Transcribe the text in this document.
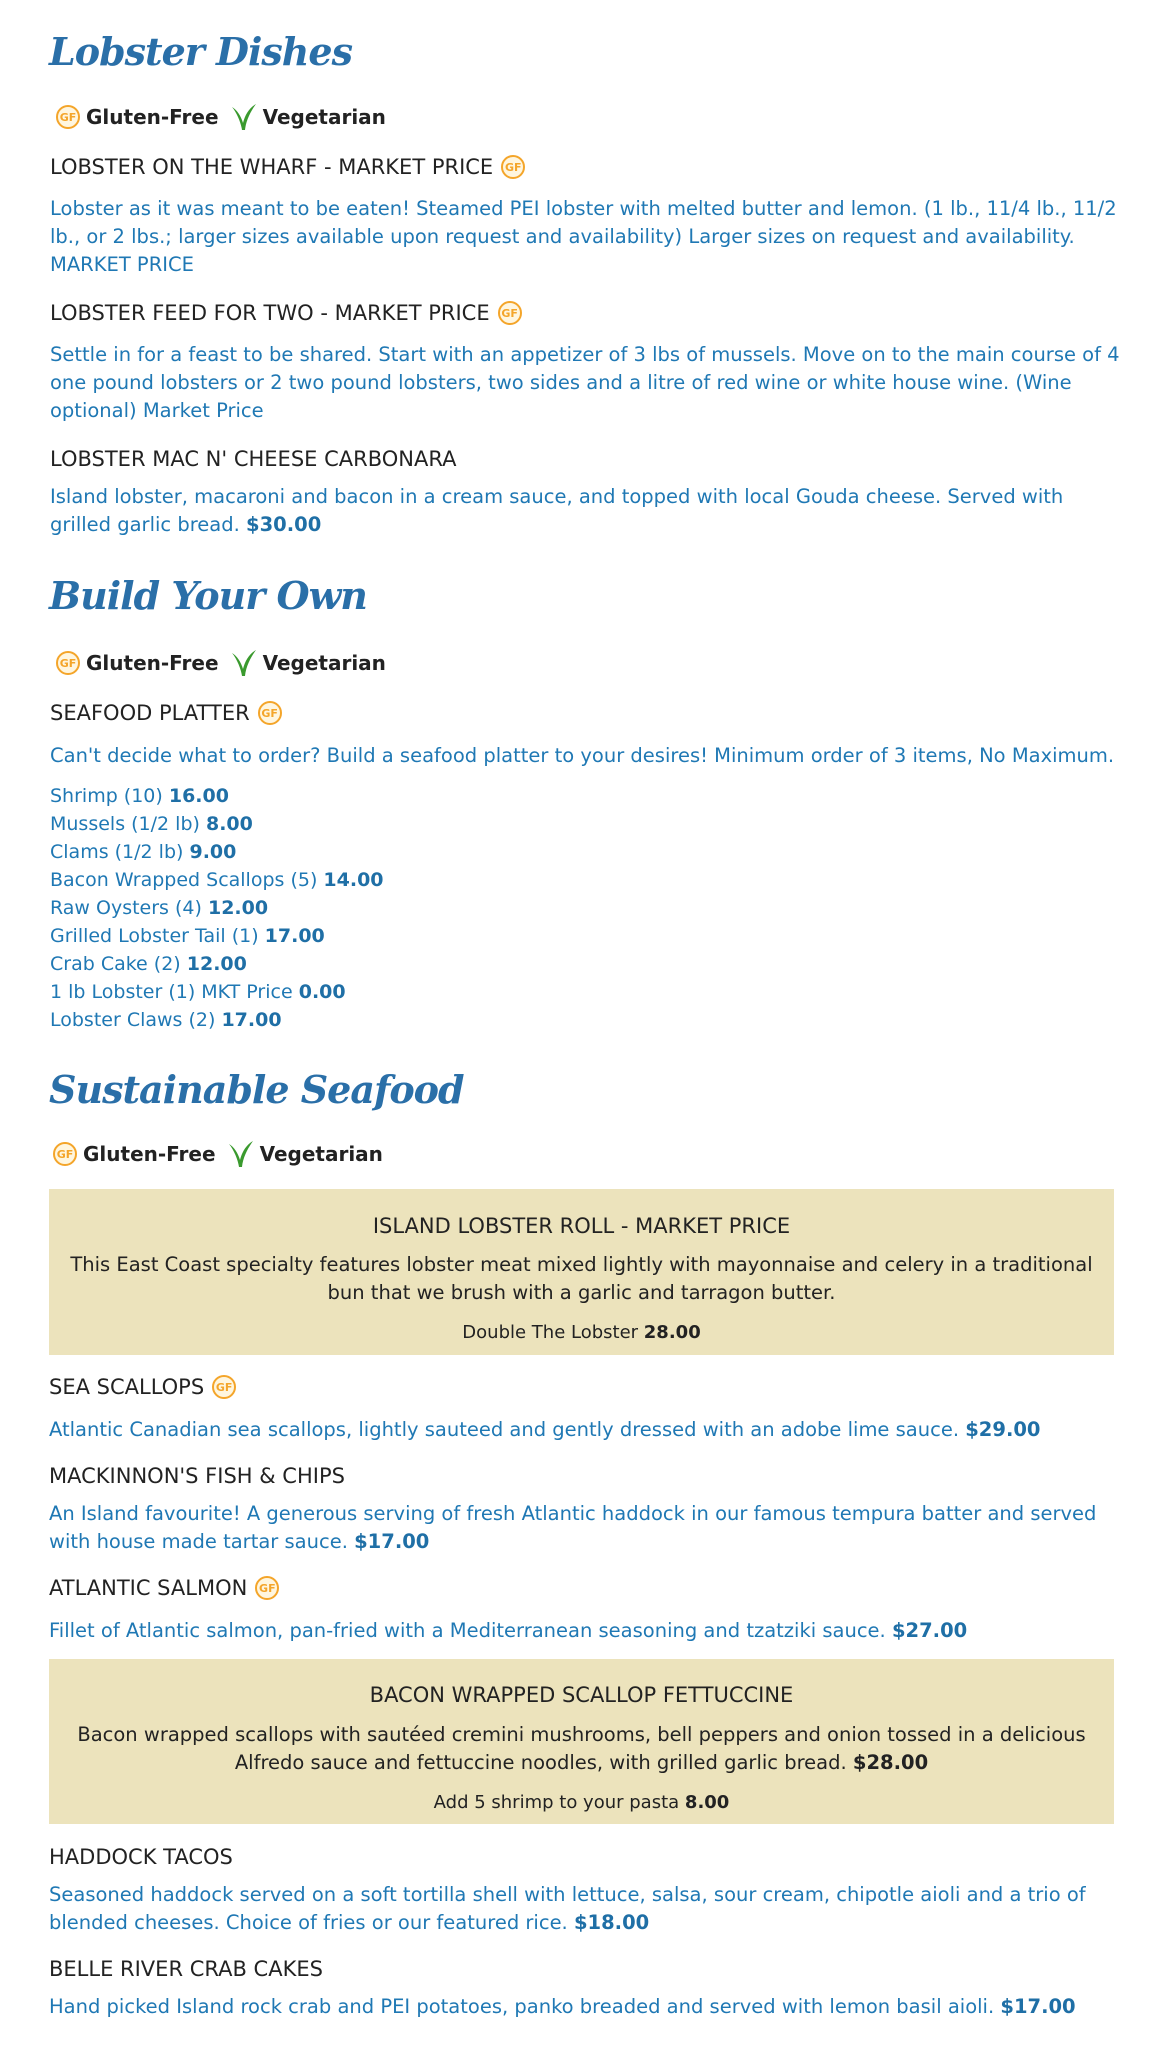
Lobster Dishes
GF Gluten-Free Vegetarian
LOBSTER ON THE WHARF - MARKET PRICE	GF

Lobster as it was meant to be eaten! Steamed PEI lobster with melted butter and lemon. (1 lb., 11/4 lb., 11/2 lb., or 2 lbs.; larger sizes available upon request and availability) Larger sizes on request and availability. MARKET PRICE

LOBSTER FEED FOR TWO - MARKET PRICE	GF

Settle in for a feast to be shared. Start with an appetizer of 3 lbs of mussels. Move on to the main course of 4 one pound lobsters or 2 two pound lobsters, two sides and a litre of red wine or white house wine. (Wine optional) Market Price

LOBSTER MAC N' CHEESE CARBONARA

Island lobster, macaroni and bacon in a cream sauce, and topped with local Gouda cheese. Served with grilled garlic bread. $30.00

Build Your Own
GF Gluten-Free Vegetarian
SEAFOOD PLATTER	GF

Can't decide what to order? Build a seafood platter to your desires! Minimum order of 3 items, No Maximum.

Shrimp (10) 16.00
Mussels (1/2 lb) 8.00
Clams (1/2 lb) 9.00
Bacon Wrapped Scallops (5) 14.00
Raw Oysters (4) 12.00
Grilled Lobster Tail (1) 17.00
Crab Cake (2) 12.00
1 lb Lobster (1) MKT Price 0.00
Lobster Claws (2) 17.00
Sustainable Seafood
GF Gluten-Free Vegetarian
ISLAND LOBSTER ROLL - MARKET PRICE
This East Coast specialty features lobster meat mixed lightly with mayonnaise and celery in a traditional bun that we brush with a garlic and tarragon butter.
Double The Lobster 28.00
SEA SCALLOPS	GF

Atlantic Canadian sea scallops, lightly sauteed and gently dressed with an adobe lime sauce. $29.00

MACKINNON'S FISH & CHIPS

An Island favourite! A generous serving of fresh Atlantic haddock in our famous tempura batter and served with house made tartar sauce. $17.00

ATLANTIC SALMON	GF

Fillet of Atlantic salmon, pan-fried with a Mediterranean seasoning and tzatziki sauce. $27.00

BACON WRAPPED SCALLOP FETTUCCINE
Bacon wrapped scallops with sautéed cremini mushrooms, bell peppers and onion tossed in a delicious Alfredo sauce and fettuccine noodles, with grilled garlic bread. $28.00
Add 5 shrimp to your pasta 8.00
HADDOCK TACOS

Seasoned haddock served on a soft tortilla shell with lettuce, salsa, sour cream, chipotle aioli and a trio of blended cheeses. Choice of fries or our featured rice. $18.00

BELLE RIVER CRAB CAKES

Hand picked Island rock crab and PEI potatoes, panko breaded and served with lemon basil aioli. $17.00
